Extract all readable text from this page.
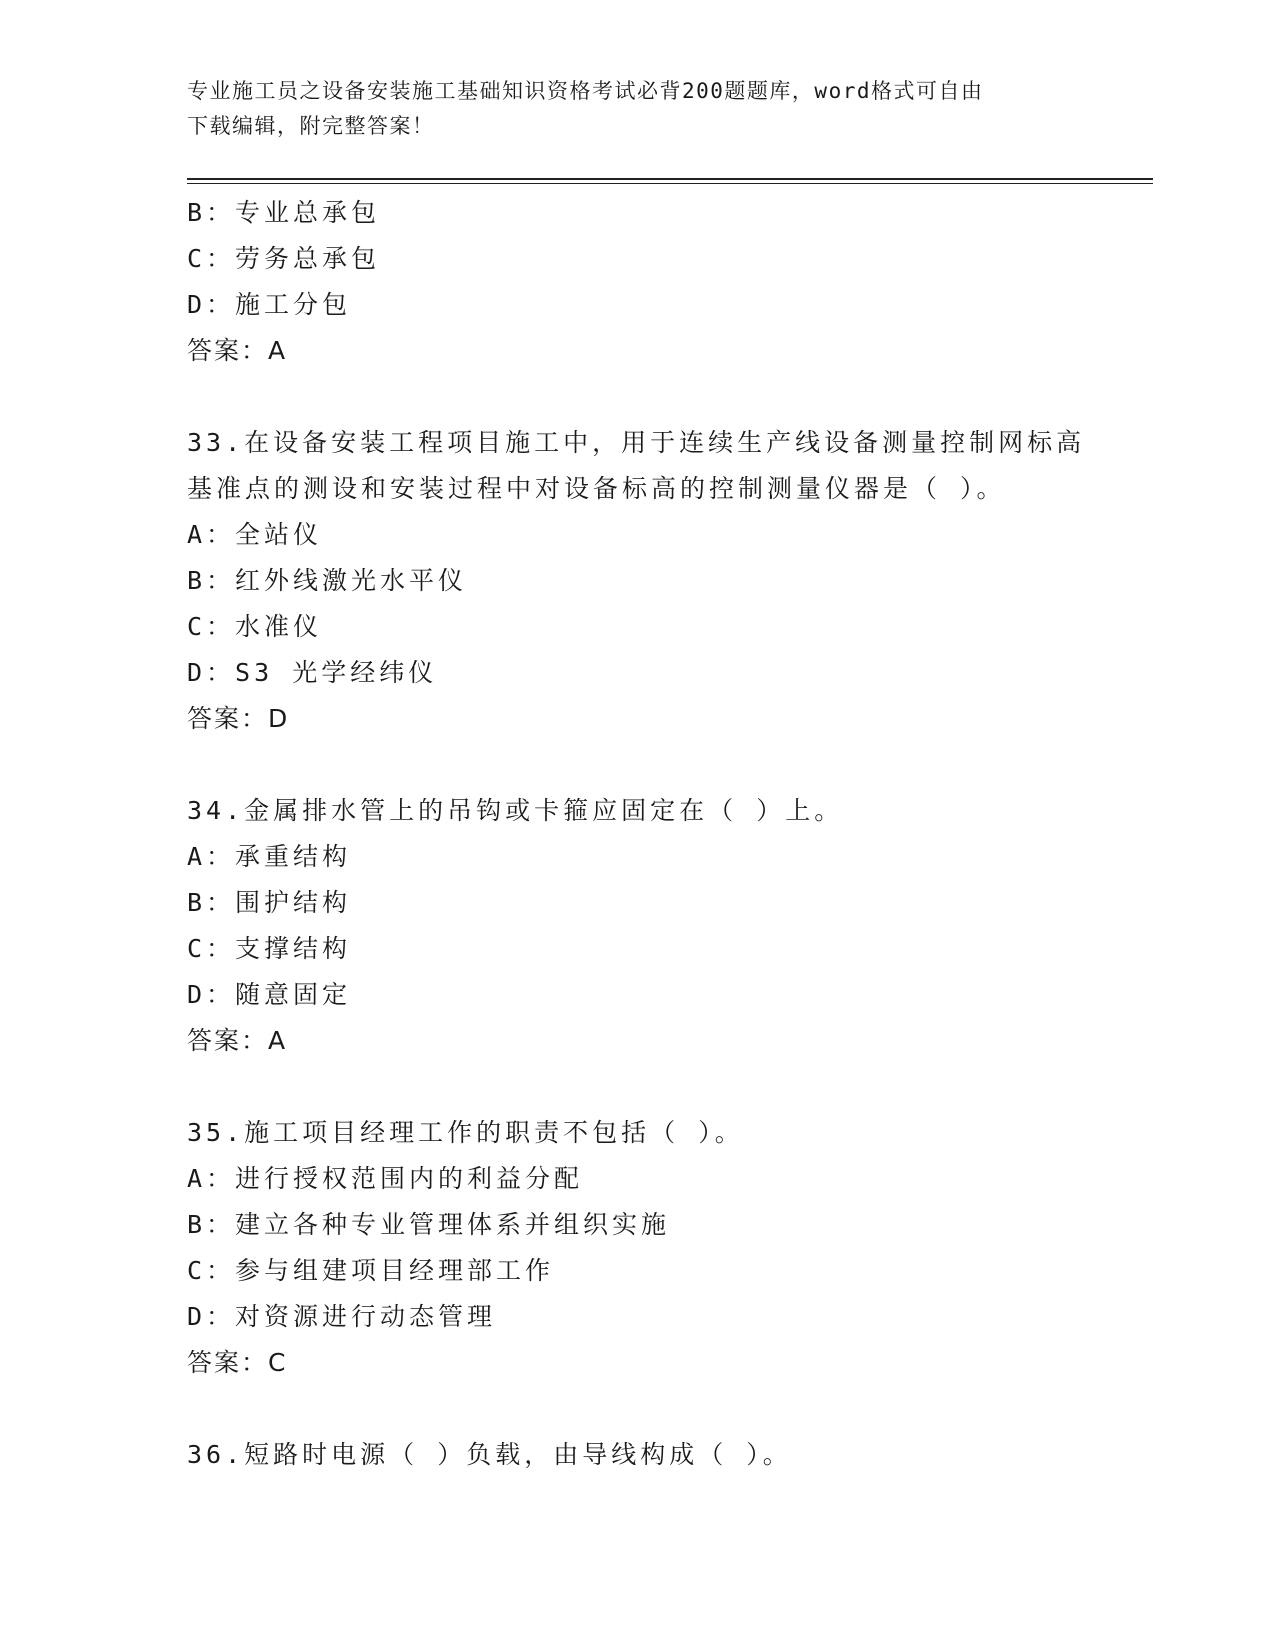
专业施工员之设备安装施工基础知识资格考试必背200题题库，word格式可自由
下载编辑，附完整答案！
B：专业总承包
C：劳务总承包
D：施工分包
答案：A
33.在设备安装工程项目施工中，用于连续生产线设备测量控制网标高
基准点的测设和安装过程中对设备标高的控制测量仪器是（ ）。
A：全站仪
B：红外线激光水平仪
C：水准仪
D：S3 光学经纬仪
答案：D
34.金属排水管上的吊钩或卡箍应固定在（ ）上。
A：承重结构
B：围护结构
C：支撑结构
D：随意固定
答案：A
35.施工项目经理工作的职责不包括（ ）。
A：进行授权范围内的利益分配
B：建立各种专业管理体系并组织实施
C：参与组建项目经理部工作
D：对资源进行动态管理
答案：C
36.短路时电源（ ）负载，由导线构成（ ）。
